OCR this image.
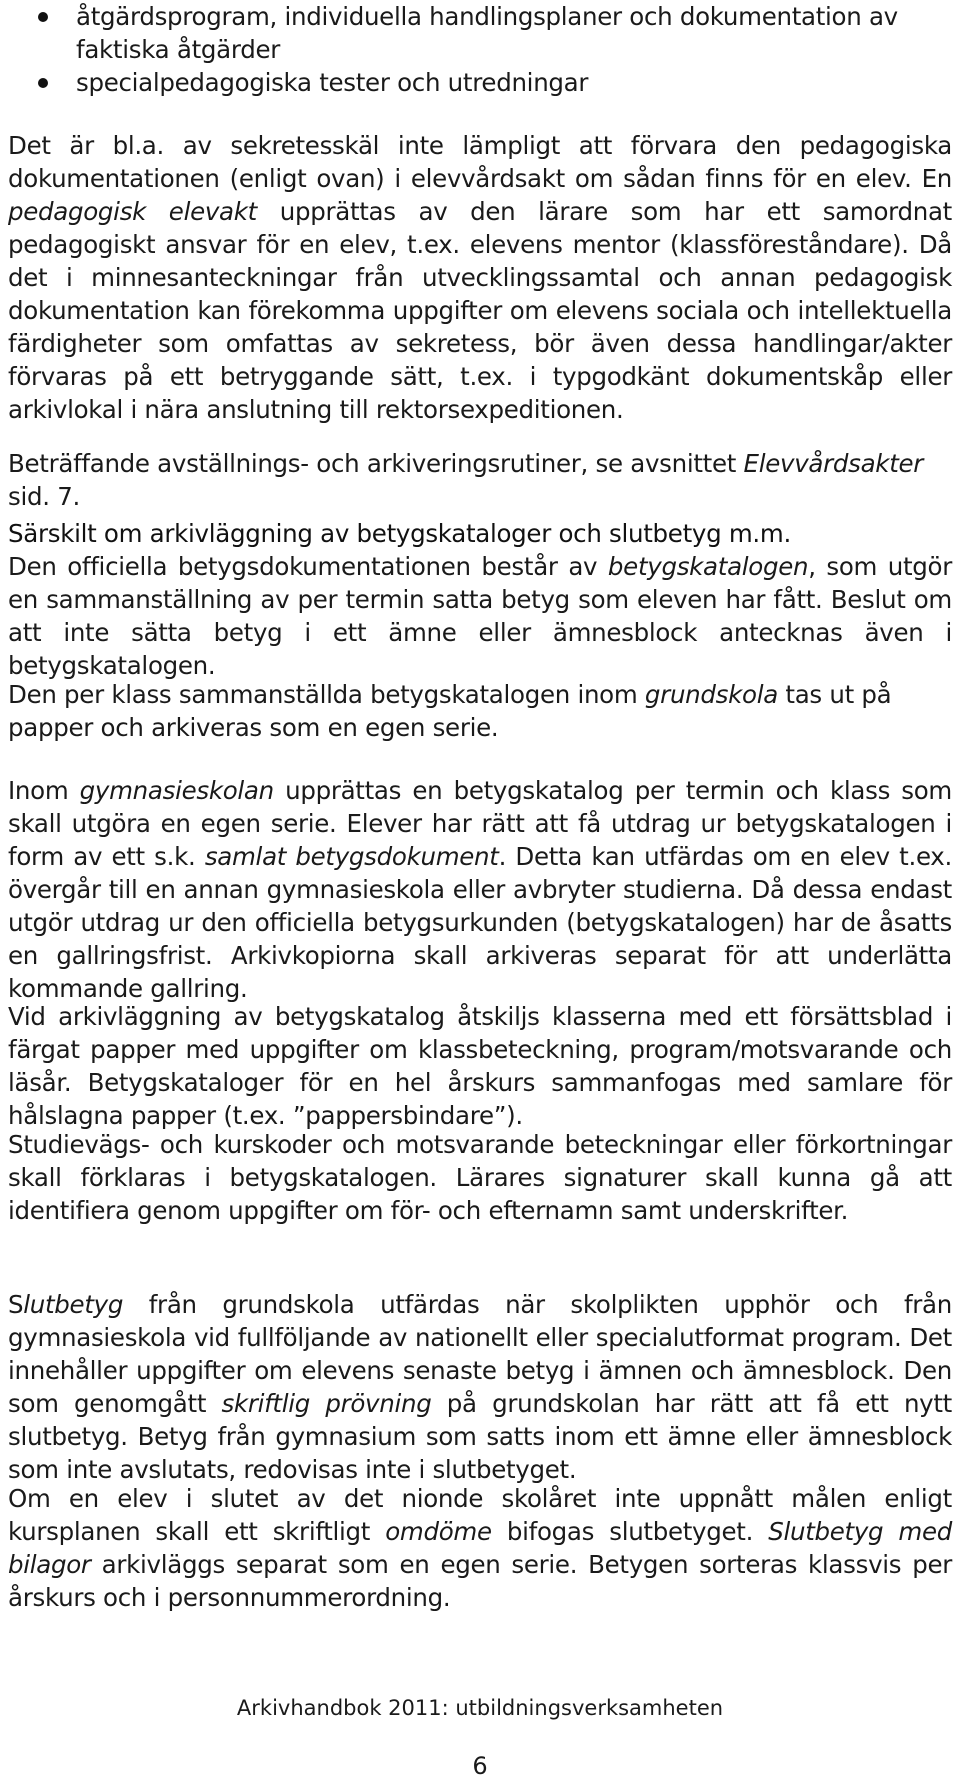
åtgärdsprogram, individuella handlingsplaner och dokumentation av faktiska åtgärder
specialpedagogiska tester och utredningar

Det är bl.a. av sekretesskäl inte lämpligt att förvara den pedagogiska dokumentationen (enligt ovan) i elevvårdsakt om sådan finns för en elev. En pedagogisk elevakt upprättas av den lärare som har ett samordnat pedagogiskt ansvar för en elev, t.ex. elevens mentor (klassföreståndare). Då det i minnesanteckningar från utvecklingssamtal och annan pedagogisk dokumentation kan förekomma uppgifter om elevens sociala och intellektuella färdigheter som omfattas av sekretess, bör även dessa handlingar/akter förvaras på ett betryggande sätt, t.ex. i typgodkänt dokumentskåp eller arkivlokal i nära anslutning till rektorsexpeditionen.

Beträffande avställnings- och arkiveringsrutiner, se avsnittet Elevvårdsakter sid. 7.

Särskilt om arkivläggning av betygskataloger och slutbetyg m.m.

Den officiella betygsdokumentationen består av betygskatalogen, som utgör en sammanställning av per termin satta betyg som eleven har fått. Beslut om att inte sätta betyg i ett ämne eller ämnesblock antecknas även i betygskatalogen.

Den per klass sammanställda betygskatalogen inom grundskola tas ut på papper och arkiveras som en egen serie.

Inom gymnasieskolan upprättas en betygskatalog per termin och klass som skall utgöra en egen serie. Elever har rätt att få utdrag ur betygskatalogen i form av ett s.k. samlat betygsdokument. Detta kan utfärdas om en elev t.ex. övergår till en annan gymnasieskola eller avbryter studierna. Då dessa endast utgör utdrag ur den officiella betygsurkunden (betygskatalogen) har de åsatts en gallringsfrist. Arkivkopiorna skall arkiveras separat för att underlätta kommande gallring.

Vid arkivläggning av betygskatalog åtskiljs klasserna med ett försättsblad i färgat papper med uppgifter om klassbeteckning, program/motsvarande och läsår. Betygskataloger för en hel årskurs sammanfogas med samlare för hålslagna papper (t.ex. ”pappersbindare”).

Studievägs- och kurskoder och motsvarande beteckningar eller förkortningar skall förklaras i betygskatalogen. Lärares signaturer skall kunna gå att identifiera genom uppgifter om för- och efternamn samt underskrifter.

Slutbetyg från grundskola utfärdas när skolplikten upphör och från gymnasieskola vid fullföljande av nationellt eller specialutformat program. Det innehåller uppgifter om elevens senaste betyg i ämnen och ämnesblock. Den som genomgått skriftlig prövning på grundskolan har rätt att få ett nytt slutbetyg. Betyg från gymnasium som satts inom ett ämne eller ämnesblock som inte avslutats, redovisas inte i slutbetyget.

Om en elev i slutet av det nionde skolåret inte uppnått målen enligt kursplanen skall ett skriftligt omdöme bifogas slutbetyget. Slutbetyg med bilagor arkivläggs separat som en egen serie. Betygen sorteras klassvis per årskurs och i personnummerordning.

Arkivhandbok 2011: utbildningsverksamheten
6
